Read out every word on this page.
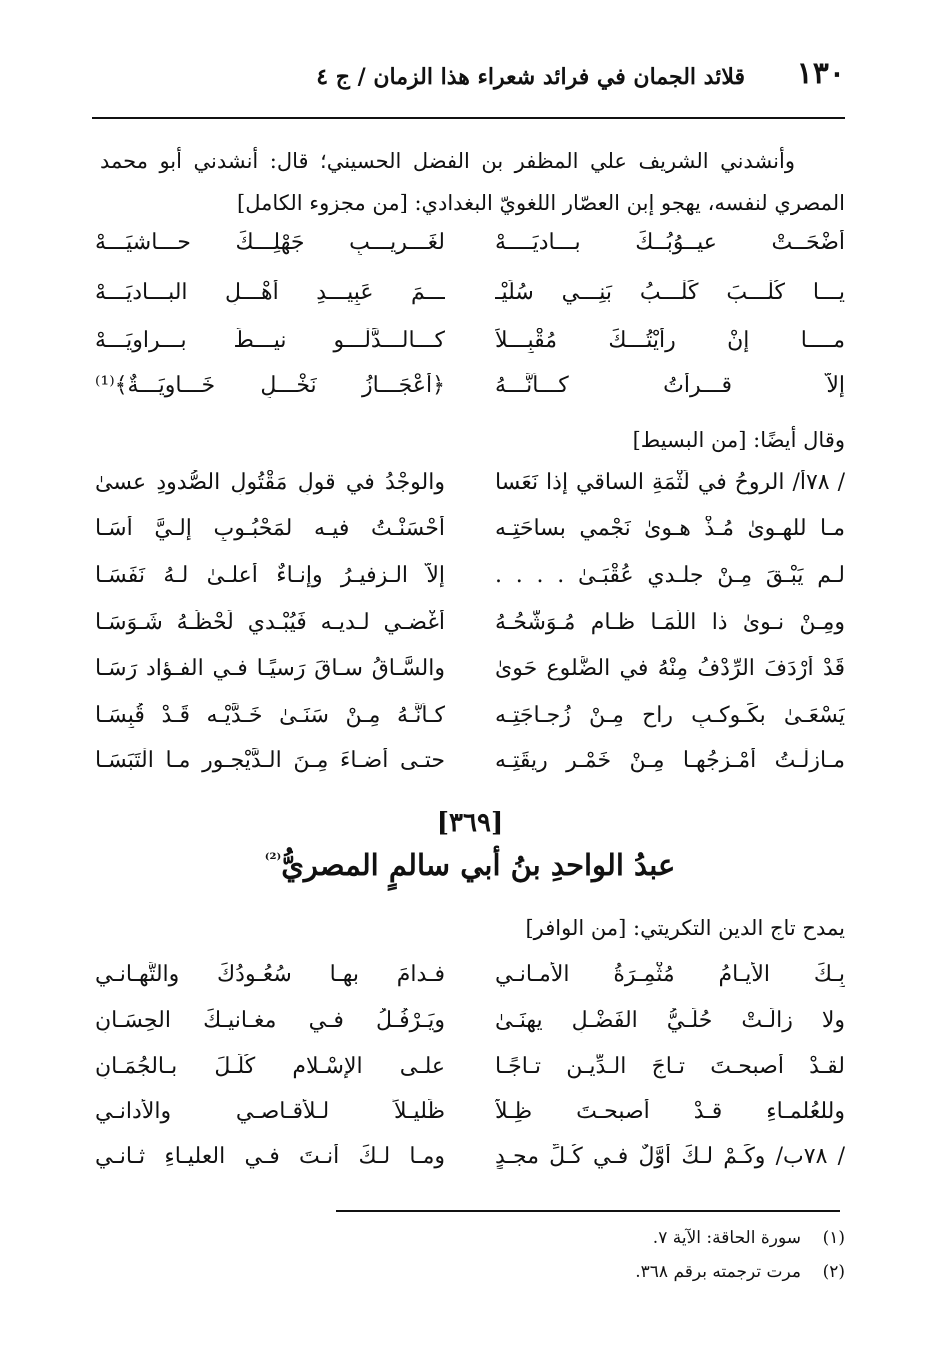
١٣٠
قلائد الجمان في فرائد شعراء هذا الزمان / ج ٤

وأنشدني الشريف علي المظفر بن الفضل الحسيني؛ قال: أنشدني أبو محمد المصري لنفسه، يهجو إبن العصّار اللغويّ البغدادي: [من مجزوء الكامل]

أضْحَــتْ عيــوُبُــكَ بـــاديَــــهْ
لغَـــريـــبِ جَهْلِـــكَ حـــاشيَـــهْ
يـــا كُلْـــبَ كَلْـــبُ بَنِـــي سُلَيْـ
ـــمَ عَبِيـــدِ أهْـــلِ البـــاديَـــهْ
مــــا إنْ رأيْتُـــكَ مُقْبِـــلاً
كـــالـــدَّلْـــو نيـــطَ بـــراويَـــهْ
إلاَّ قـــرأْتُ كـــأنَّـــهُ
﴿أعْجَـــازُ نَخْـــلٍ خَـــاوِيَـــةٌ﴾⁽¹⁾
وقال أيضًا: [من البسيط]
/ ٧٨أ/ الروحُ في لَثْمَةِ الساقي إذا نَعَسا
والوجْدُ في قولِ مَقْتُولِ الصُّدودِ عسىٰ
مـا للهـوىٰ مُـذْ هـوىٰ نَجْمي بساحَتِـه
أحْسَنْـتُ فيـه لمَحْبُـوبٍ إلـيَّ أسَـا
لـم يَبْـقَ مِـنْ جلـدي عُقْبَـىٰ . . . .
إلاّ الـزفيـرُ وإنـاءٌ أعلـىٰ لـهُ نَفَسَـا
ومِـنْ نـوىٰ ذا اللَّمَـا ظـامٍ مُـوَشَّحُـهُ
أغْضـي لـديـه فَيُبْـدي لَحْظُـهُ شَـوَسَـا
قَدْ أرْدَفَ الرِّدْفُ مِنْهُ في الضُّلوعِ حَوىٰ
والسَّـاقُ سـاقَ رَسيًـا فـي الفـؤاد رَسَـا
يَسْعَـىٰ بكَـوكـبِ راحٍ مِـنْ زُجـاجَتِـه
كـأنَّـهُ مِـنْ سَنَـىٰ خَـدَّيْـه قَـدْ قُبِسَـا
مـازِلْـتُ أمْـزجُهـا مِـنْ خَمْـرِ ريقَتِـه
حتـى أضـاءَ مِـنَ الـدَّيْجـورِ مـا الْتَبَسَـا
[٣٦٩]
عبدُ الواحدِ بنُ أبي سالمٍ المصريُّ$^{^{(2)}}$
يمدح تاج الدين التكريتي: [من الوافر]
بِـكَ الأيـامُ مُثْمِـرَةُ الأمـانـي
فـدامَ بهـا سُعُـودُكَ والتَّهـانـي
ولا زالَـتْ حُلَـيُّ الفَضْـلِ يهنَـىٰ
ويَـرْفُـلُ فـي مغـانيـكَ الحِسَـانِ
لقـدْ أصبحـتَ تـاجَ الـدِّيـنِ تـاجًـا
علـى الإسْـلامِ كُلِّـلَ بـالجُمَـانِ
وللعُلمـاءِ قـدْ أصبحـتَ ظِـلاًّ
ظَليـلاً لـلأقـاصـي والأدانـي
/ ٧٨ب/ وكَـمْ لـكَ أوَّلٌ فـي كُـلِّ مجـدٍ
ومـا لـكَ أنـتَ فـي العليـاءِ ثـانـي
(١)سورة الحاقة: الآية ٧.
(٢)مرت ترجمته برقم ٣٦٨.
